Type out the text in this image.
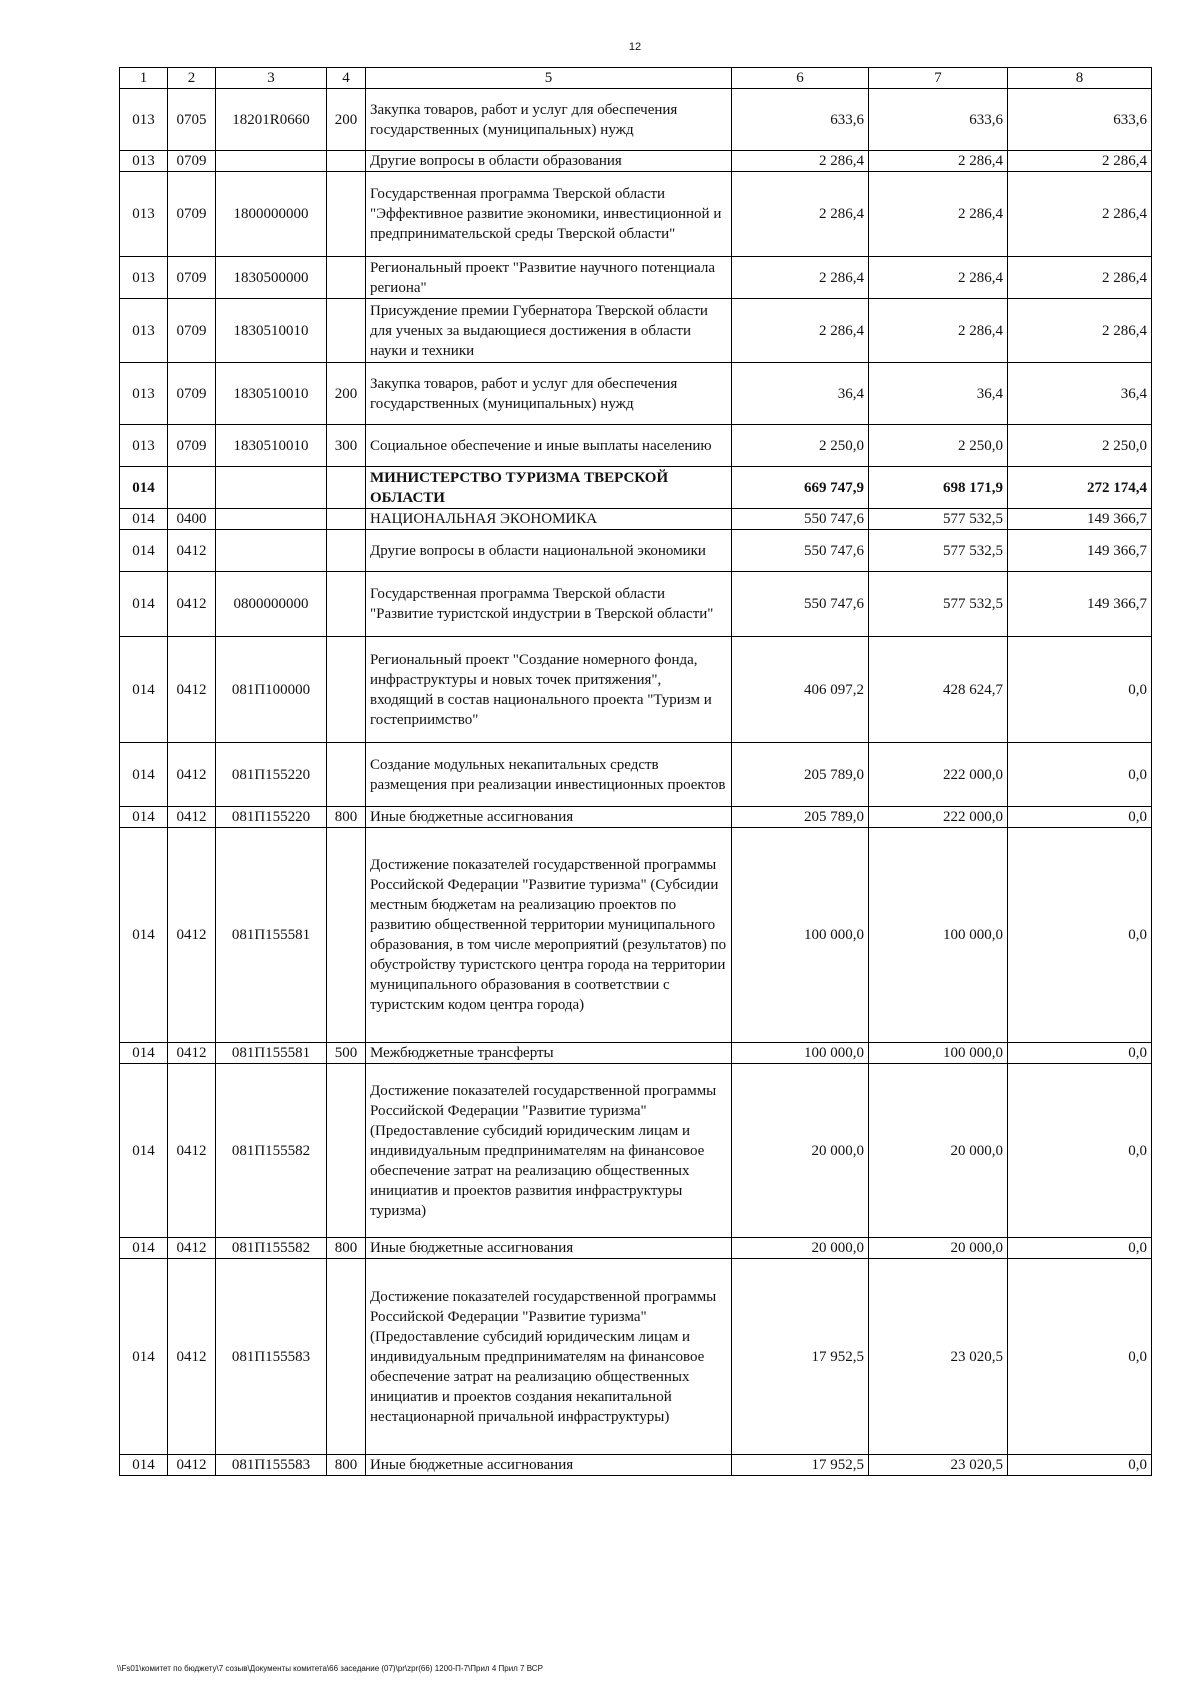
12
1	2	3	4	5	6	7	8
013	0705	18201R0660	200	Закупка товаров, работ и услуг для обеспечения государственных (муниципальных) нужд	633,6	633,6	633,6
013	0709			Другие вопросы в области образования	2 286,4	2 286,4	2 286,4
013	0709	1800000000		Государственная программа Тверской области "Эффективное развитие экономики, инвестиционной и предпринимательской среды Тверской области"	2 286,4	2 286,4	2 286,4
013	0709	1830500000		Региональный проект "Развитие научного потенциала региона"	2 286,4	2 286,4	2 286,4
013	0709	1830510010		Присуждение премии Губернатора Тверской области для ученых за выдающиеся достижения в области науки и техники	2 286,4	2 286,4	2 286,4
013	0709	1830510010	200	Закупка товаров, работ и услуг для обеспечения государственных (муниципальных) нужд	36,4	36,4	36,4
013	0709	1830510010	300	Социальное обеспечение и иные выплаты населению	2 250,0	2 250,0	2 250,0
014				МИНИСТЕРСТВО ТУРИЗМА ТВЕРСКОЙ ОБЛАСТИ	669 747,9	698 171,9	272 174,4
014	0400			НАЦИОНАЛЬНАЯ ЭКОНОМИКА	550 747,6	577 532,5	149 366,7
014	0412			Другие вопросы в области национальной экономики	550 747,6	577 532,5	149 366,7
014	0412	0800000000		Государственная программа Тверской области "Развитие туристской индустрии в Тверской области"	550 747,6	577 532,5	149 366,7
014	0412	081П100000		Региональный проект "Создание номерного фонда, инфраструктуры и новых точек притяжения", входящий в состав национального проекта "Туризм и гостеприимство"	406 097,2	428 624,7	0,0
014	0412	081П155220		Создание модульных некапитальных средств размещения при реализации инвестиционных проектов	205 789,0	222 000,0	0,0
014	0412	081П155220	800	Иные бюджетные ассигнования	205 789,0	222 000,0	0,0
014	0412	081П155581		Достижение показателей государственной программы Российской Федерации "Развитие туризма" (Субсидии местным бюджетам на реализацию проектов по развитию общественной территории муниципального образования, в том числе мероприятий (результатов) по обустройству туристского центра города на территории муниципального образования в соответствии с туристским кодом центра города)	100 000,0	100 000,0	0,0
014	0412	081П155581	500	Межбюджетные трансферты	100 000,0	100 000,0	0,0
014	0412	081П155582		Достижение показателей государственной программы Российской Федерации "Развитие туризма" (Предоставление субсидий юридическим лицам и индивидуальным предпринимателям на финансовое обеспечение затрат на реализацию общественных инициатив и проектов развития инфраструктуры туризма)	20 000,0	20 000,0	0,0
014	0412	081П155582	800	Иные бюджетные ассигнования	20 000,0	20 000,0	0,0
014	0412	081П155583		Достижение показателей государственной программы Российской Федерации "Развитие туризма" (Предоставление субсидий юридическим лицам и индивидуальным предпринимателям на финансовое обеспечение затрат на реализацию общественных инициатив и проектов создания некапитальной нестационарной причальной инфраструктуры)	17 952,5	23 020,5	0,0
014	0412	081П155583	800	Иные бюджетные ассигнования	17 952,5	23 020,5	0,0
\\Fs01\комитет по бюджету\7 созыв\Документы комитета\66 заседание (07)\pr\zpr(66) 1200-П-7\Прил 4 Прил 7 ВСР
